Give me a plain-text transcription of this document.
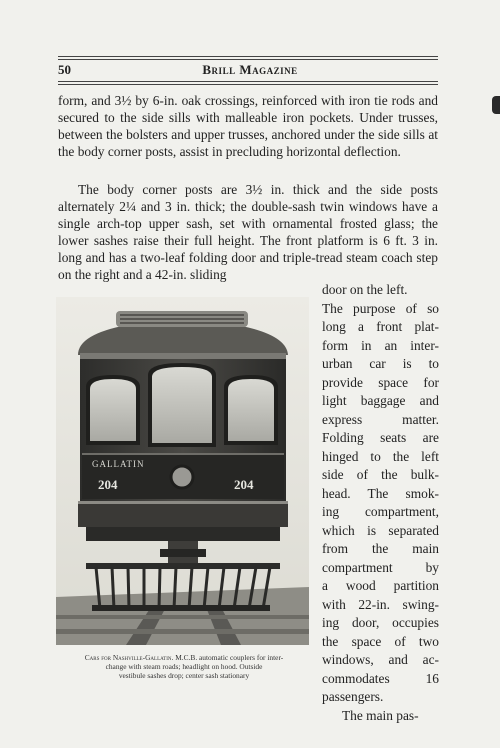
50	Brill Magazine

form, and 3½ by 6-in. oak crossings, reinforced with iron tie rods and secured to the side sills with malleable iron pockets. Under trusses, between the bolsters and upper trusses, anchored under the side sills at the body corner posts, assist in precluding horizontal deflection.

The body corner posts are 3½ in. thick and the side posts alternately 2¼ and 3 in. thick; the double-sash twin windows have a single arch-top upper sash, set with ornamental frosted glass; the lower sashes raise their full height. The front platform is 6 ft. 3 in. long and has a two-leaf folding door and triple-tread steam coach step on the right and a 42-in. sliding

door on the left.
The purpose of so
long a front plat-
form in an inter-
urban car is to
provide space for
light baggage and
express matter.
Folding seats are
hinged to the left
side of the bulk-
head. The smok-
ing compartment,
which is separated
from the main
compartment by
a wood partition
with 22-in. swing-
ing door, occupies
the space of two
windows, and ac-
commodates 16
passengers.
The main pas-
GALLATIN
204	204
Cars for Nashville-Gallatin. M.C.B. automatic couplers for inter-
change with steam roads; headlight on hood. Outside
vestibule sashes drop; center sash stationary
